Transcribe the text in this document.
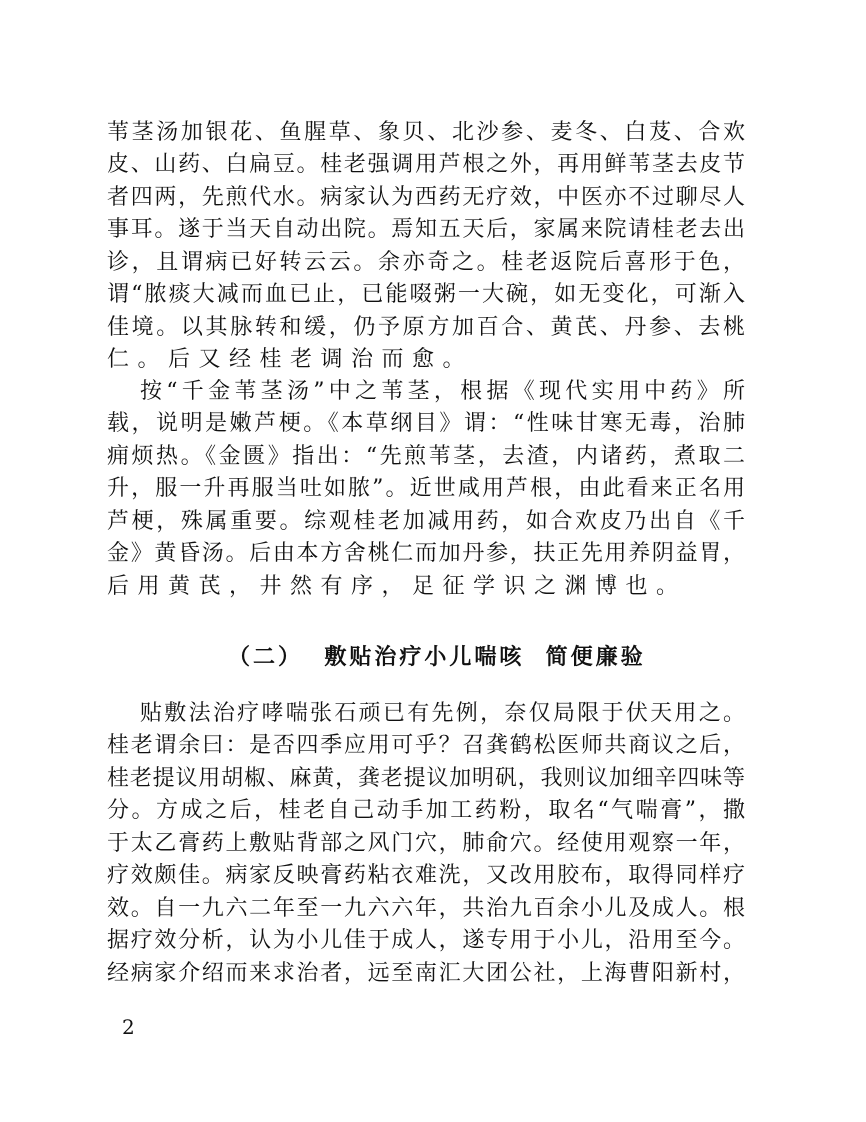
（二）  敷贴治疗小儿喘咳  简便廉验
2
苇茎汤加银花、鱼腥草、象贝、北沙参、麦冬、白芨、合欢
皮、山药、白扁豆。桂老强调用芦根之外，再用鲜苇茎去皮节
者四两，先煎代水。病家认为西药无疗效，中医亦不过聊尽人
事耳。遂于当天自动出院。焉知五天后，家属来院请桂老去出
诊，且谓病已好转云云。余亦奇之。桂老返院后喜形于色，
谓“脓痰大减而血已止，已能啜粥一大碗，如无变化，可渐入
佳境。以其脉转和缓，仍予原方加百合、黄芪、丹参、去桃
仁。后又经桂老调治而愈。
按“千金苇茎汤”中之苇茎，根据《现代实用中药》所
载，说明是嫩芦梗。《本草纲目》谓：“性味甘寒无毒，治肺
痈烦热。《金匮》指出：“先煎苇茎，去渣，内诸药，煮取二
升，服一升再服当吐如脓”。近世咸用芦根，由此看来正名用
芦梗，殊属重要。综观桂老加减用药，如合欢皮乃出自《千
金》黄昏汤。后由本方舍桃仁而加丹参，扶正先用养阴益胃，
后用黄芪，井然有序，足征学识之渊博也。
贴敷法治疗哮喘张石顽已有先例，奈仅局限于伏天用之。
桂老谓余曰：是否四季应用可乎？召龚鹤松医师共商议之后，
桂老提议用胡椒、麻黄，龚老提议加明矾，我则议加细辛四味等
分。方成之后，桂老自己动手加工药粉，取名“气喘膏”，撒
于太乙膏药上敷贴背部之风门穴，肺俞穴。经使用观察一年，
疗效颇佳。病家反映膏药粘衣难洗，又改用胶布，取得同样疗
效。自一九六二年至一九六六年，共治九百余小儿及成人。根
据疗效分析，认为小儿佳于成人，遂专用于小儿，沿用至今。
经病家介绍而来求治者，远至南汇大团公社，上海曹阳新村，
